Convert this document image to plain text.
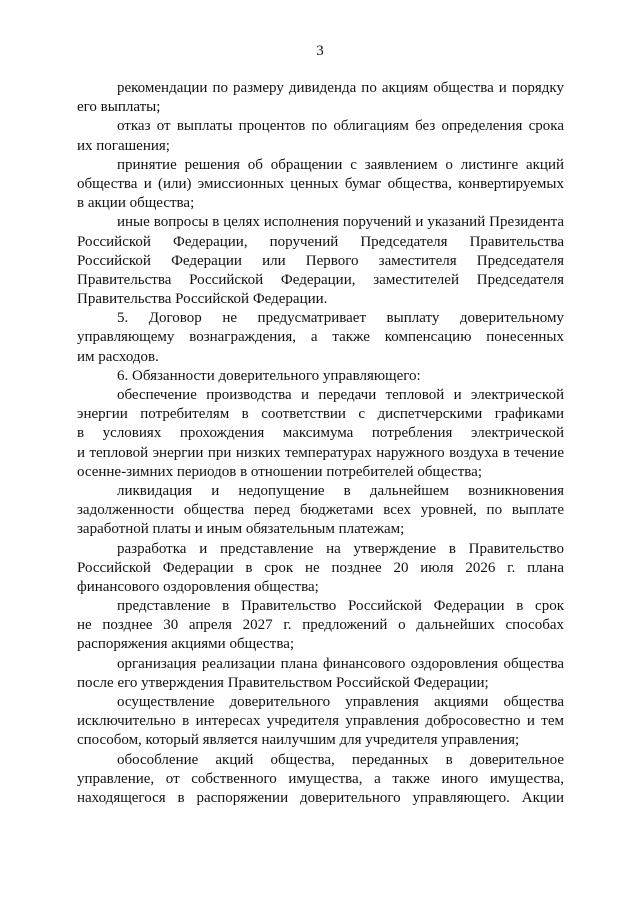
3

рекомендации по размеру дивиденда по акциям общества и порядку
его выплаты;

отказ от выплаты процентов по облигациям без определения срока
их погашения;

принятие решения об обращении с заявлением о листинге акций
общества и (или) эмиссионных ценных бумаг общества, конвертируемых
в акции общества;

иные вопросы в целях исполнения поручений и указаний Президента
Российской Федерации, поручений Председателя Правительства
Российской Федерации или Первого заместителя Председателя
Правительства Российской Федерации, заместителей Председателя
Правительства Российской Федерации.

5. Договор не предусматривает выплату доверительному
управляющему вознаграждения, а также компенсацию понесенных
им расходов.

6. Обязанности доверительного управляющего:

обеспечение производства и передачи тепловой и электрической
энергии потребителям в соответствии с диспетчерскими графиками
в условиях прохождения максимума потребления электрической
и тепловой энергии при низких температурах наружного воздуха в течение
осенне-зимних периодов в отношении потребителей общества;

ликвидация и недопущение в дальнейшем возникновения
задолженности общества перед бюджетами всех уровней, по выплате
заработной платы и иным обязательным платежам;

разработка и представление на утверждение в Правительство
Российской Федерации в срок не позднее 20 июля 2026 г. плана
финансового оздоровления общества;

представление в Правительство Российской Федерации в срок
не позднее 30 апреля 2027 г. предложений о дальнейших способах
распоряжения акциями общества;

организация реализации плана финансового оздоровления общества
после его утверждения Правительством Российской Федерации;

осуществление доверительного управления акциями общества
исключительно в интересах учредителя управления добросовестно и тем
способом, который является наилучшим для учредителя управления;

обособление акций общества, переданных в доверительное
управление, от собственного имущества, а также иного имущества,
находящегося в распоряжении доверительного управляющего. Акции
